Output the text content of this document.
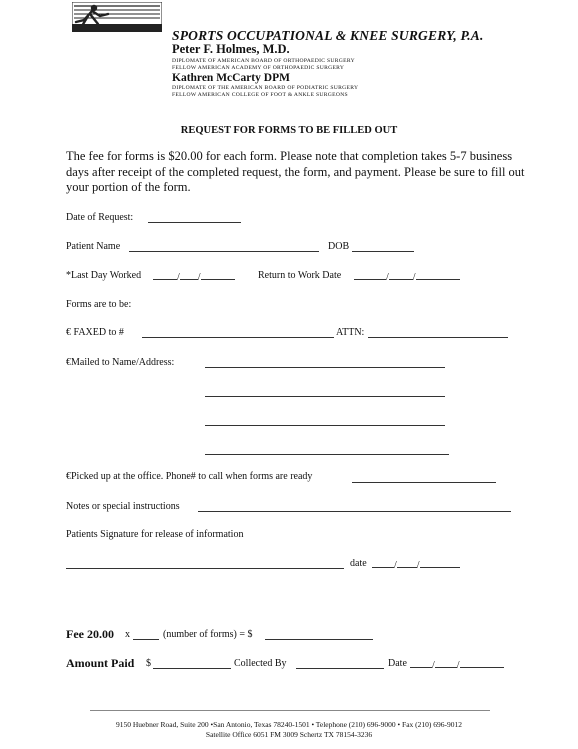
SPORTS OCCUPATIONAL & KNEE SURGERY, P.A.
Peter F. Holmes, M.D.
DIPLOMATE OF AMERICAN BOARD OF ORTHOPAEDIC SURGERY
FELLOW AMERICAN ACADEMY OF ORTHOPAEDIC SURGERY
Kathren McCarty DPM
DIPLOMATE OF THE AMERICAN BOARD OF PODIATRIC SURGERY
FELLOW AMERICAN COLLEGE OF FOOT & ANKLE SURGEONS
REQUEST FOR FORMS TO BE FILLED OUT
The fee for forms is $20.00 for each form. Please note that completion takes 5-7 business days after receipt of the completed request, the form, and payment. Please be sure to fill out your portion of the form.
Date of Request:
Patient Name	DOB
*Last Day Worked	/ /	Return to Work Date	/ /
Forms are to be:
€ FAXED to #	ATTN:
€Mailed to Name/Address:
€Picked up at the office. Phone# to call when forms are ready
Notes or special instructions
Patients Signature for release of information
date	/ /
Fee 20.00 x	(number of forms) = $
Amount Paid $	Collected By	Date	/ /
9150 Huebner Road, Suite 200 •San Antonio, Texas 78240-1501 • Telephone (210) 696-9000 • Fax (210) 696-9012
Satellite Office 6051 FM 3009 Schertz TX 78154-3236
